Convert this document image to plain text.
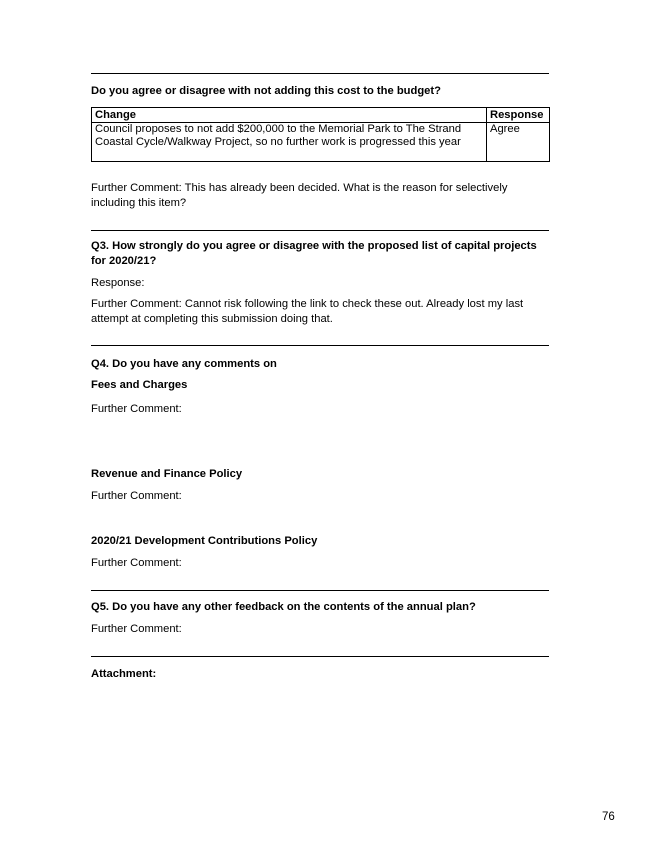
Do you agree or disagree with not adding this cost to the budget?

Change	Response
Council proposes to not add $200,000 to the Memorial Park to The Strand Coastal Cycle/Walkway Project, so no further work is progressed this year	Agree

Further Comment: This has already been decided. What is the reason for selectively including this item?

Q3. How strongly do you agree or disagree with the proposed list of capital projects for 2020/21?

Response:

Further Comment: Cannot risk following the link to check these out. Already lost my last attempt at completing this submission doing that.

Q4. Do you have any comments on

Fees and Charges

Further Comment:

Revenue and Finance Policy

Further Comment:

2020/21 Development Contributions Policy

Further Comment:

Q5. Do you have any other feedback on the contents of the annual plan?

Further Comment:

Attachment:

76
